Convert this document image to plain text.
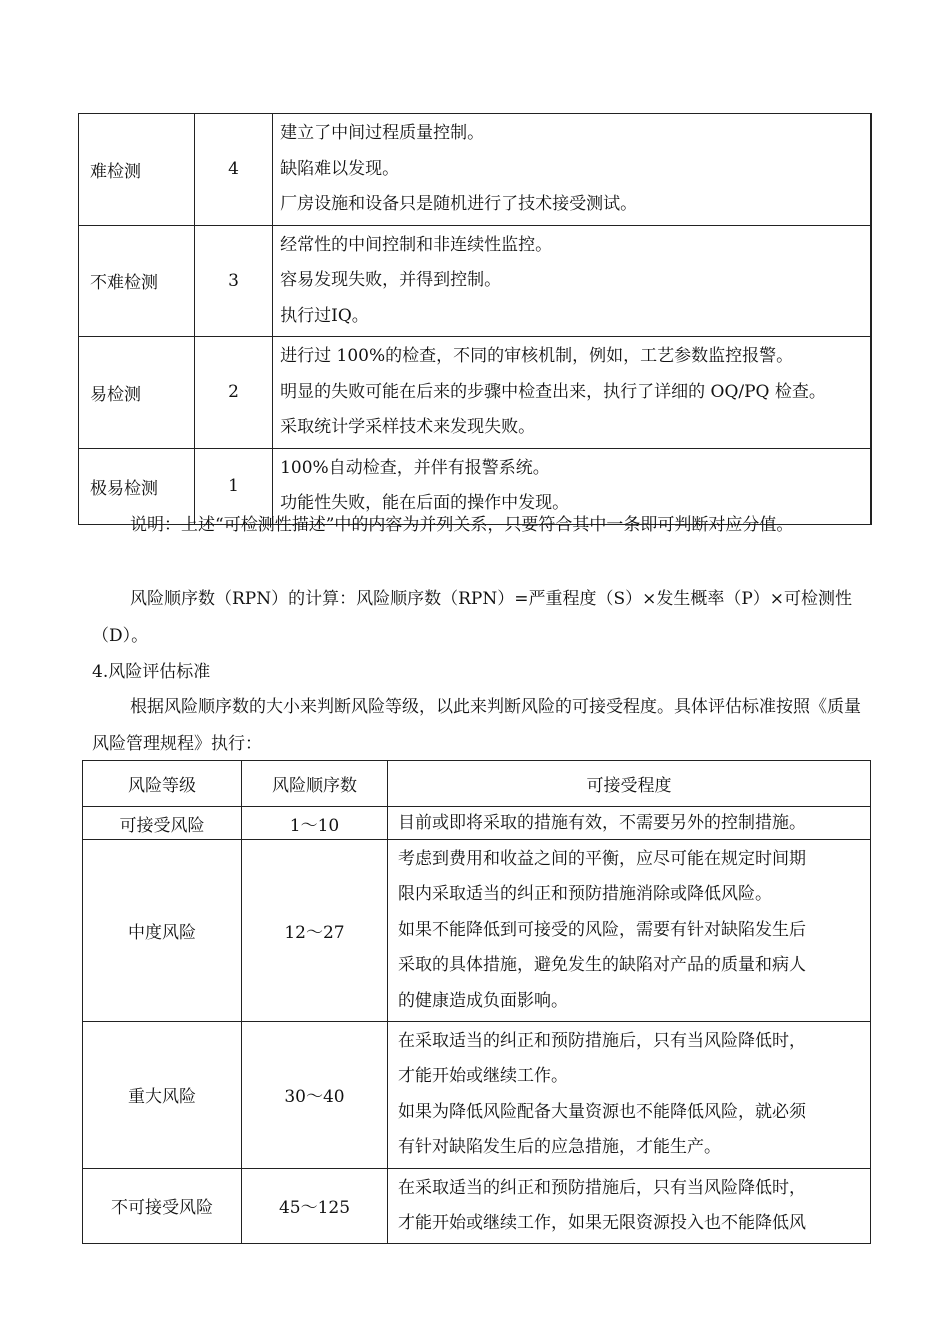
难检测	4	建立了中间过程质量控制。
缺陷难以发现。
厂房设施和设备只是随机进行了技术接受测试。

不难检测	3	经常性的中间控制和非连续性监控。
容易发现失败，并得到控制。
执行过IQ。

易检测	2	进行过 100%的检查，不同的审核机制，例如，工艺参数监控报警。
明显的失败可能在后来的步骤中检查出来，执行了详细的 OQ/PQ 检查。
采取统计学采样技术来发现失败。

极易检测	1	100%自动检查，并伴有报警系统。
功能性失败，能在后面的操作中发现。
说明：上述“可检测性描述”中的内容为并列关系，只要符合其中一条即可判断对应分值。
风险顺序数（RPN）的计算：风险顺序数（RPN）=严重程度（S）×发生概率（P）×可检测性（D）。
4.风险评估标准
根据风险顺序数的大小来判断风险等级，以此来判断风险的可接受程度。具体评估标准按照《质量风险管理规程》执行：
风险等级	风险顺序数	可接受程度
可接受风险	1～10	目前或即将采取的措施有效，不需要另外的控制措施。

中度风险	12～27	考虑到费用和收益之间的平衡，应尽可能在规定时间期
限内采取适当的纠正和预防措施消除或降低风险。
如果不能降低到可接受的风险，需要有针对缺陷发生后
采取的具体措施，避免发生的缺陷对产品的质量和病人
的健康造成负面影响。

重大风险	30～40	在采取适当的纠正和预防措施后，只有当风险降低时，
才能开始或继续工作。
如果为降低风险配备大量资源也不能降低风险，就必须
有针对缺陷发生后的应急措施，才能生产。

不可接受风险	45～125	在采取适当的纠正和预防措施后，只有当风险降低时，
才能开始或继续工作，如果无限资源投入也不能降低风
